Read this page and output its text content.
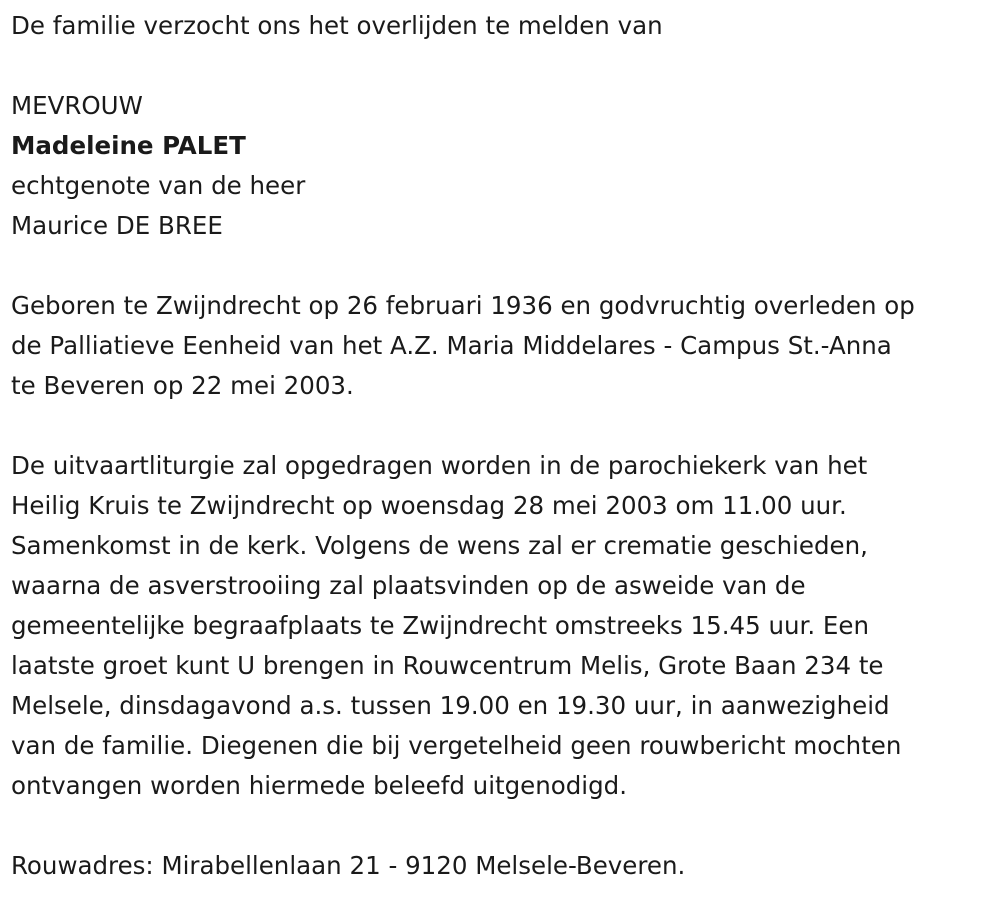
De familie verzocht ons het overlijden te melden van

MEVROUW

Madeleine PALET

echtgenote van de heer

Maurice DE BREE

Geboren te Zwijndrecht op 26 februari 1936 en godvruchtig overleden op

de Palliatieve Eenheid van het A.Z. Maria Middelares - Campus St.-Anna

te Beveren op 22 mei 2003.

De uitvaartliturgie zal opgedragen worden in de parochiekerk van het

Heilig Kruis te Zwijndrecht op woensdag 28 mei 2003 om 11.00 uur.

Samenkomst in de kerk. Volgens de wens zal er crematie geschieden,

waarna de asverstrooiing zal plaatsvinden op de asweide van de

gemeentelijke begraafplaats te Zwijndrecht omstreeks 15.45 uur. Een

laatste groet kunt U brengen in Rouwcentrum Melis, Grote Baan 234 te

Melsele, dinsdagavond a.s. tussen 19.00 en 19.30 uur, in aanwezigheid

van de familie. Diegenen die bij vergetelheid geen rouwbericht mochten

ontvangen worden hiermede beleefd uitgenodigd.

Rouwadres: Mirabellenlaan 21 - 9120 Melsele-Beveren.
